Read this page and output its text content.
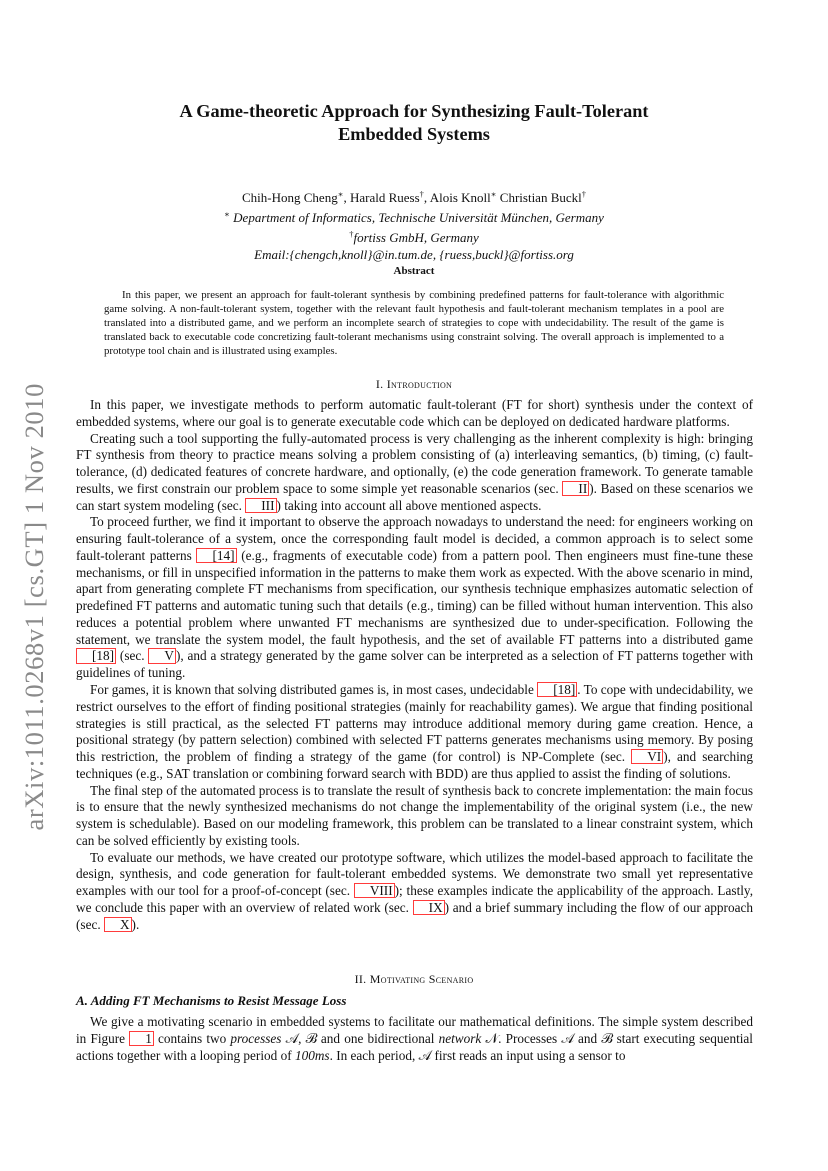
arXiv:1011.0268v1 [cs.GT] 1 Nov 2010
A Game-theoretic Approach for Synthesizing Fault-Tolerant
Embedded Systems
Chih-Hong Cheng∗, Harald Ruess†, Alois Knoll∗ Christian Buckl†
∗ Department of Informatics, Technische Universität München, Germany
†fortiss GmbH, Germany
Email:{chengch,knoll}@in.tum.de, {ruess,buckl}@fortiss.org
Abstract

In this paper, we present an approach for fault-tolerant synthesis by combining predefined patterns for fault-tolerance with algorithmic game solving. A non-fault-tolerant system, together with the relevant fault hypothesis and fault-tolerant mechanism templates in a pool are translated into a distributed game, and we perform an incomplete search of strategies to cope with undecidability. The result of the game is translated back to executable code concretizing fault-tolerant mechanisms using constraint solving. The overall approach is implemented to a prototype tool chain and is illustrated using examples.

I. Introduction

In this paper, we investigate methods to perform automatic fault-tolerant (FT for short) synthesis under the context of embedded systems, where our goal is to generate executable code which can be deployed on dedicated hardware platforms.

Creating such a tool supporting the fully-automated process is very challenging as the inherent complexity is high: bringing FT synthesis from theory to practice means solving a problem consisting of (a) interleaving semantics, (b) timing, (c) fault-tolerance, (d) dedicated features of concrete hardware, and optionally, (e) the code generation framework. To generate tamable results, we first constrain our problem space to some simple yet reasonable scenarios (sec. II ). Based on these scenarios we can start system modeling (sec. III ) taking into account all above mentioned aspects.

To proceed further, we find it important to observe the approach nowadays to understand the need: for engineers working on ensuring fault-tolerance of a system, once the corresponding fault model is decided, a common approach is to select some fault-tolerant patterns [14] (e.g., fragments of executable code) from a pattern pool. Then engineers must fine-tune these mechanisms, or fill in unspecified information in the patterns to make them work as expected. With the above scenario in mind, apart from generating complete FT mechanisms from specification, our synthesis technique emphasizes automatic selection of predefined FT patterns and automatic tuning such that details (e.g., timing) can be filled without human intervention. This also reduces a potential problem where unwanted FT mechanisms are synthesized due to under-specification. Following the statement, we translate the system model, the fault hypothesis, and the set of available FT patterns into a distributed game [18] (sec. V ), and a strategy generated by the game solver can be interpreted as a selection of FT patterns together with guidelines of tuning.

For games, it is known that solving distributed games is, in most cases, undecidable [18] . To cope with undecidability, we restrict ourselves to the effort of finding positional strategies (mainly for reachability games). We argue that finding positional strategies is still practical, as the selected FT patterns may introduce additional memory during game creation. Hence, a positional strategy (by pattern selection) combined with selected FT patterns generates mechanisms using memory. By posing this restriction, the problem of finding a strategy of the game (for control) is NP-Complete (sec. VI ), and searching techniques (e.g., SAT translation or combining forward search with BDD) are thus applied to assist the finding of solutions.

The final step of the automated process is to translate the result of synthesis back to concrete implementation: the main focus is to ensure that the newly synthesized mechanisms do not change the implementability of the original system (i.e., the new system is schedulable). Based on our modeling framework, this problem can be translated to a linear constraint system, which can be solved efficiently by existing tools.

To evaluate our methods, we have created our prototype software, which utilizes the model-based approach to facilitate the design, synthesis, and code generation for fault-tolerant embedded systems. We demonstrate two small yet representative examples with our tool for a proof-of-concept (sec. VIII ); these examples indicate the applicability of the approach. Lastly, we conclude this paper with an overview of related work (sec. IX ) and a brief summary including the flow of our approach (sec. X ).

II. Motivating Scenario
A. Adding FT Mechanisms to Resist Message Loss

We give a motivating scenario in embedded systems to facilitate our mathematical definitions. The simple system described in Figure 1 contains two processes 𝒜, ℬ and one bidirectional network 𝒩. Processes 𝒜 and ℬ start executing sequential actions together with a looping period of 100ms. In each period, 𝒜 first reads an input using a sensor to
